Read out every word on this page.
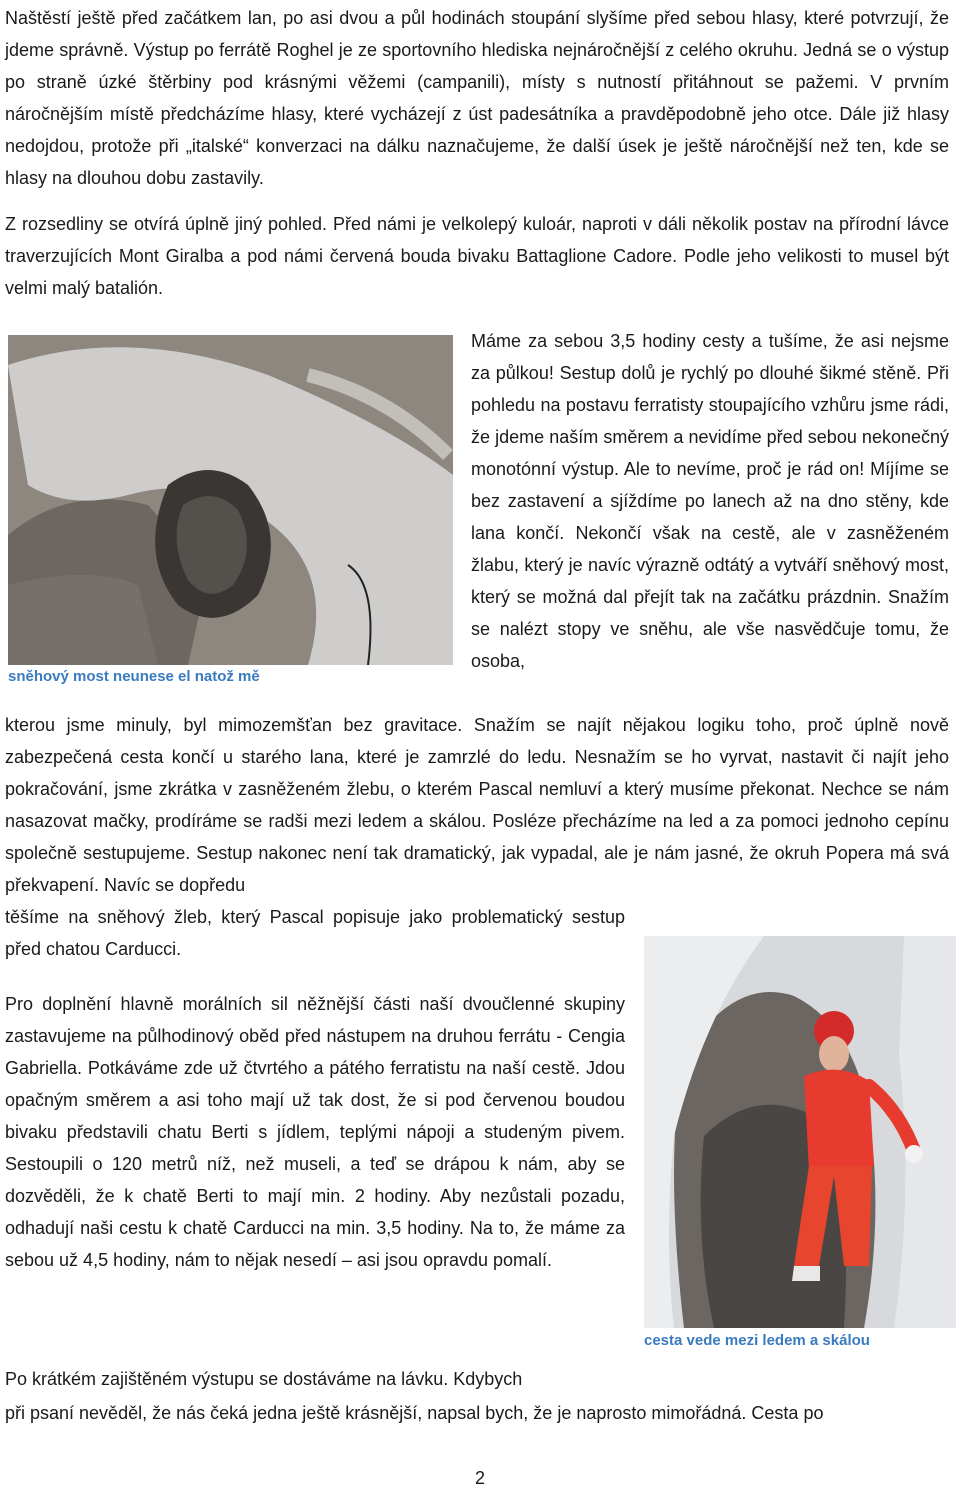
Naštěstí ještě před začátkem lan, po asi dvou a půl hodinách stoupání slyšíme před sebou hlasy, které potvrzují, že jdeme správně. Výstup po ferrátě Roghel je ze sportovního hlediska nejnáročnější z celého okruhu. Jedná se o výstup po straně úzké štěrbiny pod krásnými věžemi (campanili), místy s nutností přitáhnout se pažemi. V prvním náročnějším místě předcházíme hlasy, které vycházejí z úst padesátníka a pravděpodobně jeho otce. Dále již hlasy nedojdou, protože při „italské“ konverzaci na dálku naznačujeme, že další úsek je ještě náročnější než ten, kde se hlasy na dlouhou dobu zastavily.

Z rozsedliny se otvírá úplně jiný pohled. Před námi je velkolepý kuloár, naproti v dáli několik postav na přírodní lávce traverzujících Mont Giralba a pod námi červená bouda bivaku Battaglione Cadore. Podle jeho velikosti to musel být velmi malý batalión.

sněhový most neunese el natož mě

Máme za sebou 3,5 hodiny cesty a tušíme, že asi nejsme za půlkou! Sestup dolů je rychlý po dlouhé šikmé stěně. Při pohledu na postavu ferratisty stoupajícího vzhůru jsme rádi, že jdeme naším směrem a nevidíme před sebou nekonečný monotónní výstup. Ale to nevíme, proč je rád on! Míjíme se bez zastavení a sjíždíme po lanech až na dno stěny, kde lana končí. Nekončí však na cestě, ale v zasněženém žlabu, který je navíc výrazně odtátý a vytváří sněhový most, který se možná dal přejít tak na začátku prázdnin. Snažím se nalézt stopy ve sněhu, ale vše nasvědčuje tomu, že osoba,

kterou jsme minuly, byl mimozemšťan bez gravitace. Snažím se najít nějakou logiku toho, proč úplně nově zabezpečená cesta končí u starého lana, které je zamrzlé do ledu. Nesnažím se ho vyrvat, nastavit či najít jeho pokračování, jsme zkrátka v zasněženém žlebu, o kterém Pascal nemluví a který musíme překonat. Nechce se nám nasazovat mačky, prodíráme se radši mezi ledem a skálou. Posléze přecházíme na led a za pomoci jednoho cepínu společně sestupujeme. Sestup nakonec není tak dramatický, jak vypadal, ale je nám jasné, že okruh Popera má svá překvapení. Navíc se dopředu

těšíme na sněhový žleb, který Pascal popisuje jako problematický sestup před chatou Carducci.

cesta vede mezi ledem a skálou

Pro doplnění hlavně morálních sil něžnější části naší dvoučlenné skupiny zastavujeme na půlhodinový oběd před nástupem na druhou ferrátu - Cengia Gabriella. Potkáváme zde už čtvrtého a pátého ferratistu na naší cestě. Jdou opačným směrem a asi toho mají už tak dost, že si pod červenou boudou bivaku představili chatu Berti s jídlem, teplými nápoji a studeným pivem. Sestoupili o 120 metrů níž, než museli, a teď se drápou k nám, aby se dozvěděli, že k chatě Berti to mají min. 2 hodiny. Aby nezůstali pozadu, odhadují naši cestu k chatě Carducci na min. 3,5 hodiny. Na to, že máme za sebou už 4,5 hodiny, nám to nějak nesedí – asi jsou opravdu pomalí.

Po krátkém zajištěném výstupu se dostáváme na lávku. Kdybych

při psaní nevěděl, že nás čeká jedna ještě krásnější, napsal bych, že je naprosto mimořádná. Cesta po

2
